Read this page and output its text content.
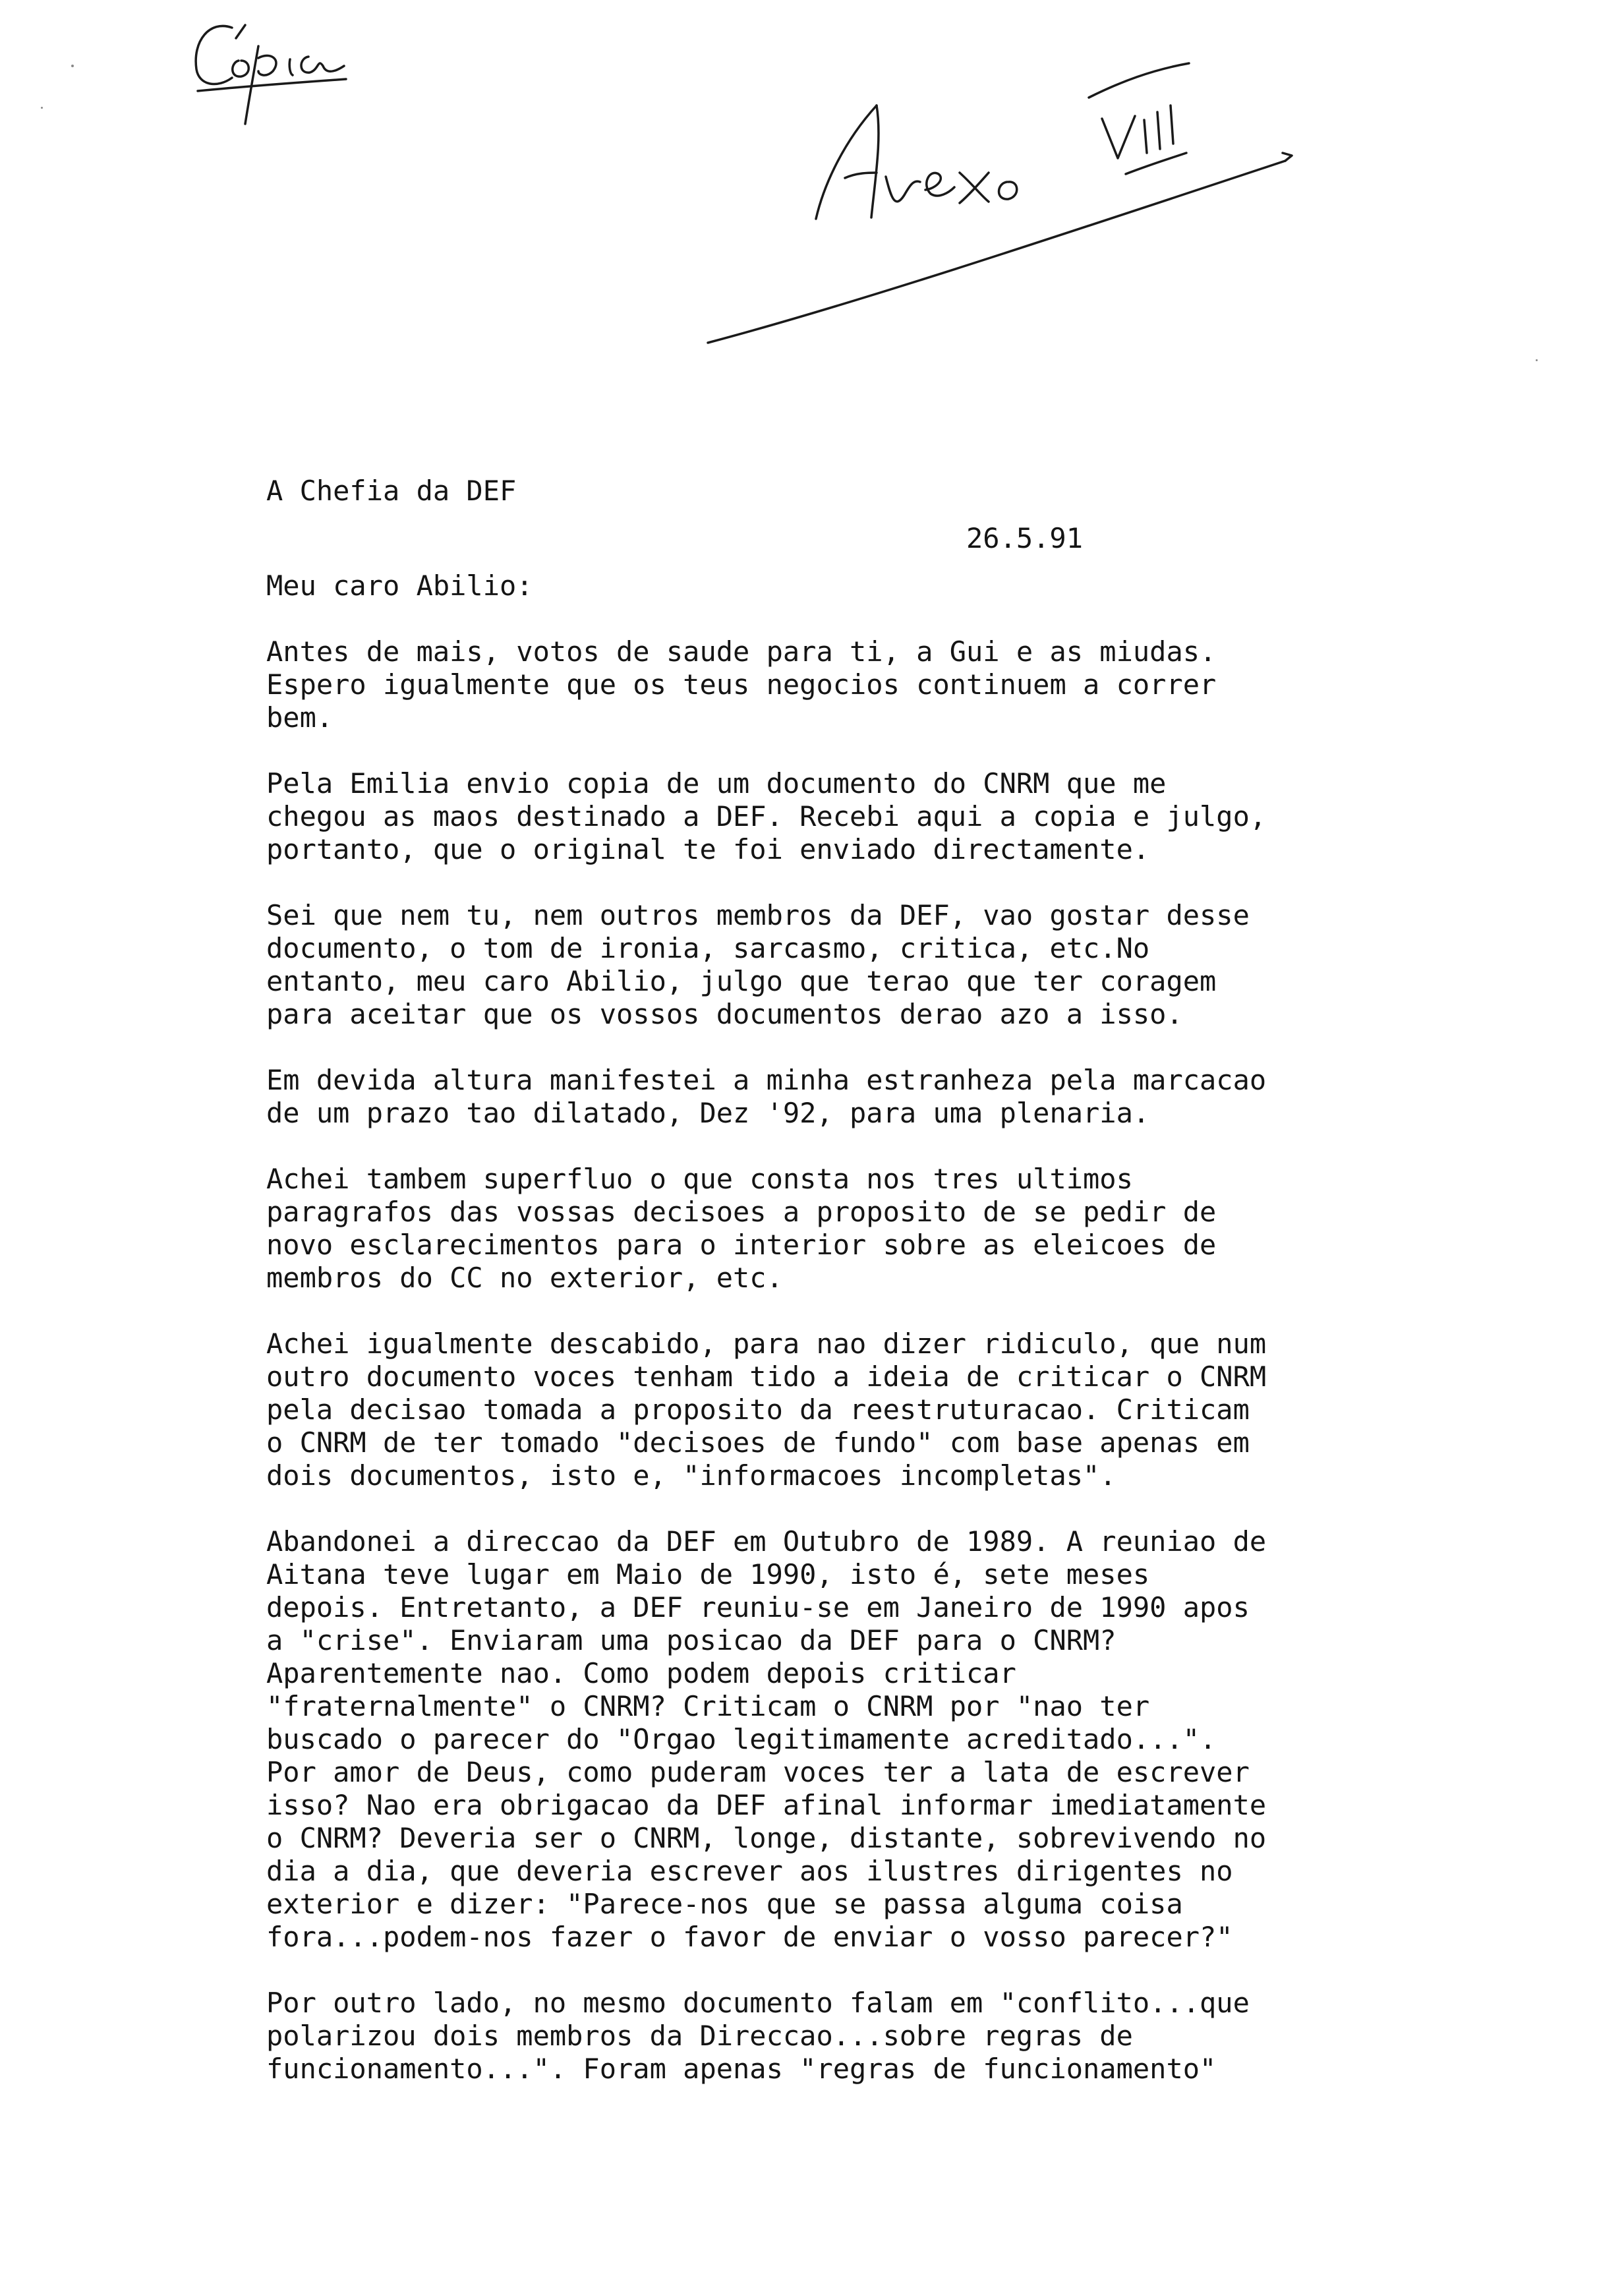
A Chefia da DEF

26.5.91

Meu caro Abilio:

Antes de mais, votos de saude para ti, a Gui e as miudas.
Espero igualmente que os teus negocios continuem a correr
bem.

Pela Emilia envio copia de um documento do CNRM que me
chegou as maos destinado a DEF. Recebi aqui a copia e julgo,
portanto, que o original te foi enviado directamente.

Sei que nem tu, nem outros membros da DEF, vao gostar desse
documento, o tom de ironia, sarcasmo, critica, etc.No
entanto, meu caro Abilio, julgo que terao que ter coragem
para aceitar que os vossos documentos derao azo a isso.

Em devida altura manifestei a minha estranheza pela marcacao
de um prazo tao dilatado, Dez '92, para uma plenaria.

Achei tambem superfluo o que consta nos tres ultimos
paragrafos das vossas decisoes a proposito de se pedir de
novo esclarecimentos para o interior sobre as eleicoes de
membros do CC no exterior, etc.

Achei igualmente descabido, para nao dizer ridiculo, que num
outro documento voces tenham tido a ideia de criticar o CNRM
pela decisao tomada a proposito da reestruturacao. Criticam
o CNRM de ter tomado "decisoes de fundo" com base apenas em
dois documentos, isto e, "informacoes incompletas".

Abandonei a direccao da DEF em Outubro de 1989. A reuniao de
Aitana teve lugar em Maio de 1990, isto é, sete meses
depois. Entretanto, a DEF reuniu-se em Janeiro de 1990 apos
a "crise". Enviaram uma posicao da DEF para o CNRM?
Aparentemente nao. Como podem depois criticar
"fraternalmente" o CNRM? Criticam o CNRM por "nao ter
buscado o parecer do "Orgao legitimamente acreditado...".
Por amor de Deus, como puderam voces ter a lata de escrever
isso? Nao era obrigacao da DEF afinal informar imediatamente
o CNRM? Deveria ser o CNRM, longe, distante, sobrevivendo no
dia a dia, que deveria escrever aos ilustres dirigentes no
exterior e dizer: "Parece-nos que se passa alguma coisa
fora...podem-nos fazer o favor de enviar o vosso parecer?"

Por outro lado, no mesmo documento falam em "conflito...que
polarizou dois membros da Direccao...sobre regras de
funcionamento...". Foram apenas "regras de funcionamento"
